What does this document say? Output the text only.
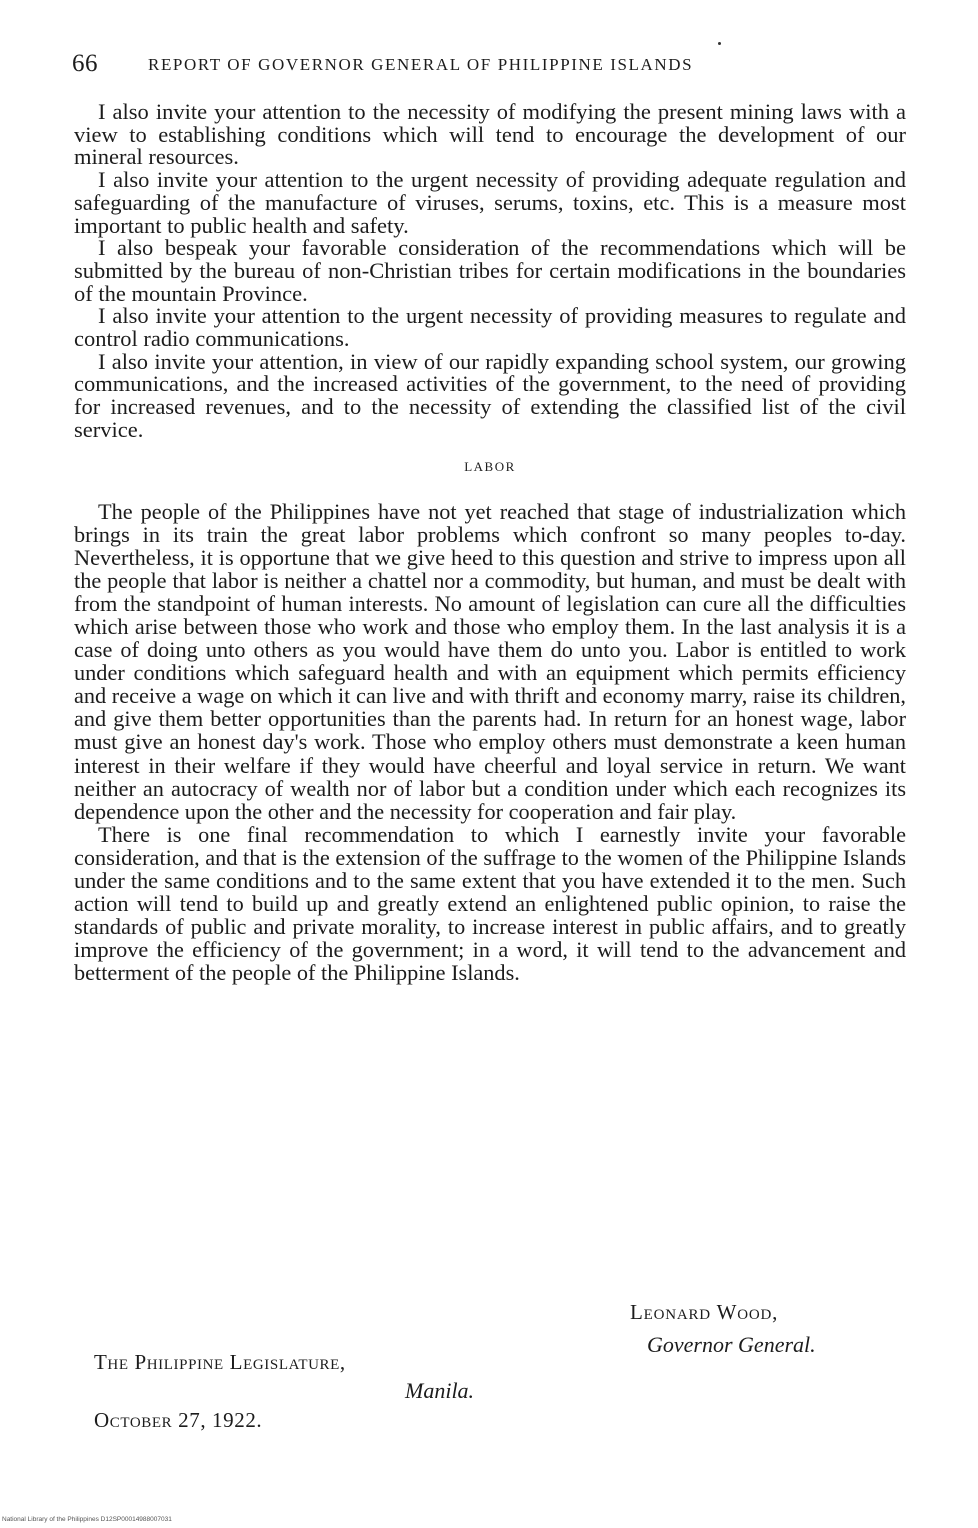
66	REPORT OF GOVERNOR GENERAL OF PHILIPPINE ISLANDS

I also invite your attention to the necessity of modifying the present mining laws with a view to establishing conditions which will tend to encourage the development of our mineral resources.

I also invite your attention to the urgent necessity of providing adequate regulation and safeguarding of the manufacture of viruses, serums, toxins, etc. This is a measure most important to public health and safety.

I also bespeak your favorable consideration of the recommendations which will be submitted by the bureau of non-Christian tribes for certain modifications in the boundaries of the mountain Province.

I also invite your attention to the urgent necessity of providing measures to regulate and control radio communications.

I also invite your attention, in view of our rapidly expanding school system, our growing communications, and the increased activities of the government, to the need of providing for increased revenues, and to the necessity of extending the classified list of the civil service.

LABOR

The people of the Philippines have not yet reached that stage of industrialization which brings in its train the great labor problems which confront so many peoples to-day. Nevertheless, it is opportune that we give heed to this question and strive to impress upon all the people that labor is neither a chattel nor a commodity, but human, and must be dealt with from the standpoint of human interests. No amount of legislation can cure all the difficulties which arise between those who work and those who employ them. In the last analysis it is a case of doing unto others as you would have them do unto you. Labor is entitled to work under conditions which safeguard health and with an equipment which permits efficiency and receive a wage on which it can live and with thrift and economy marry, raise its children, and give them better opportunities than the parents had. In return for an honest wage, labor must give an honest day's work. Those who employ others must demonstrate a keen human interest in their welfare if they would have cheerful and loyal service in return. We want neither an autocracy of wealth nor of labor but a condition under which each recognizes its dependence upon the other and the necessity for cooperation and fair play.

There is one final recommendation to which I earnestly invite your favorable consideration, and that is the extension of the suffrage to the women of the Philippine Islands under the same conditions and to the same extent that you have extended it to the men. Such action will tend to build up and greatly extend an enlightened public opinion, to raise the standards of public and private morality, to increase interest in public affairs, and to greatly improve the efficiency of the government; in a word, it will tend to the advancement and betterment of the people of the Philippine Islands.

Leonard Wood,
Governor General.
The Philippine Legislature,
Manila.
October 27, 1922.
National Library of the Philippines D12SP00014988007031
